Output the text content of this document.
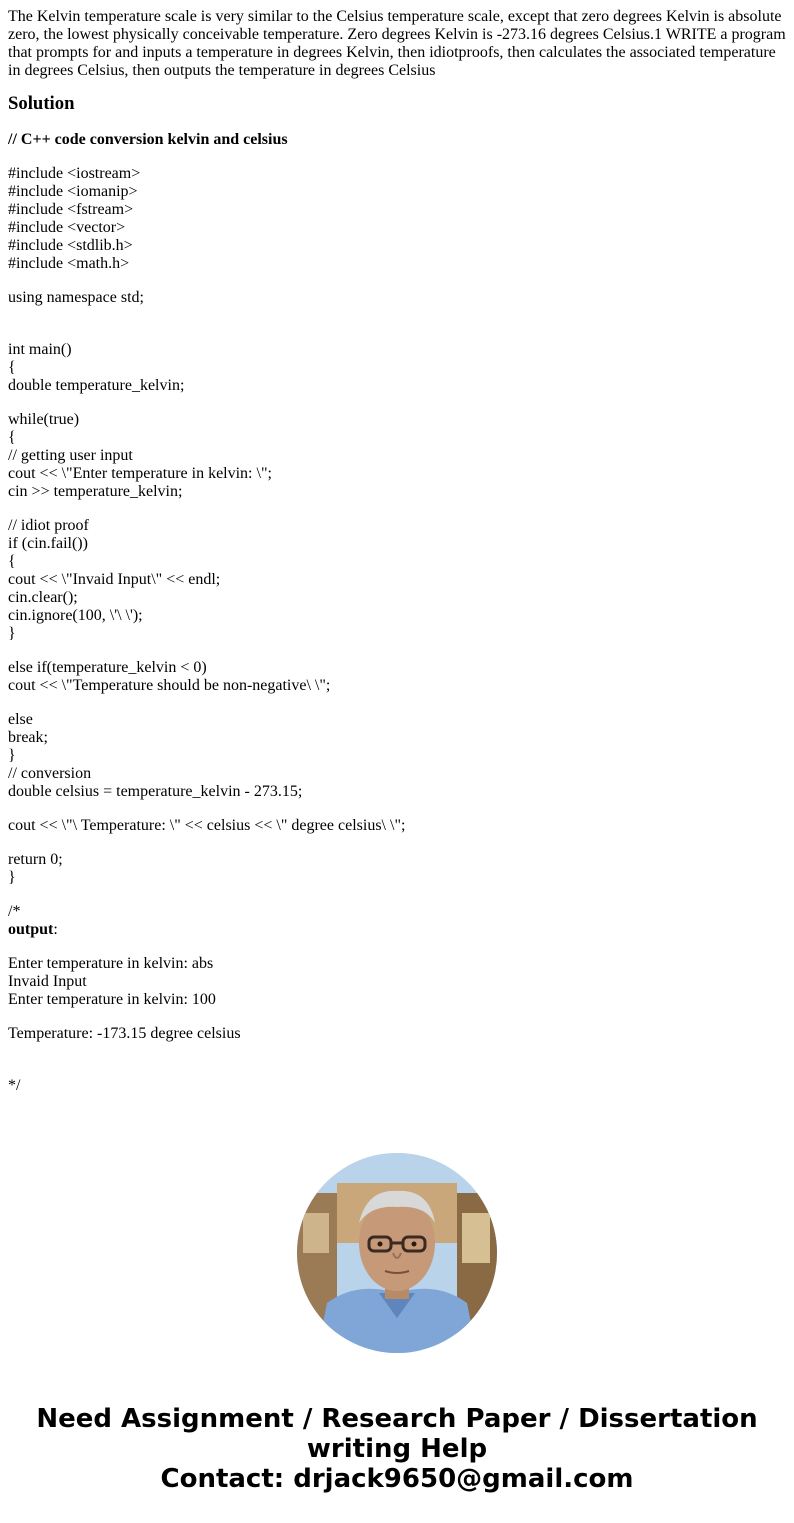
The Kelvin temperature scale is very similar to the Celsius temperature scale, except that zero degrees Kelvin is absolute zero, the lowest physically conceivable temperature. Zero degrees Kelvin is -273.16 degrees Celsius.1 WRITE a program that prompts for and inputs a temperature in degrees Kelvin, then idiotproofs, then calculates the associated temperature in degrees Celsius, then outputs the temperature in degrees Celsius
Solution

// C++ code conversion kelvin and celsius

#include <iostream>
#include <iomanip>
#include <fstream>
#include <vector>
#include <stdlib.h>
#include <math.h>
using namespace std;
int main()
{
double temperature_kelvin;
while(true)
{
// getting user input
cout << \"Enter temperature in kelvin: \";
cin >> temperature_kelvin;
// idiot proof
if (cin.fail())
{
cout << \"Invaid Input\" << endl;
cin.clear();
cin.ignore(100, \'\ \');
}
else if(temperature_kelvin < 0)
cout << \"Temperature should be non-negative\ \";
else
break;
}
// conversion
double celsius = temperature_kelvin - 273.15;
cout << \"\ Temperature: \" << celsius << \" degree celsius\ \";
return 0;
}
/*
output:
Enter temperature in kelvin: abs
Invaid Input
Enter temperature in kelvin: 100
Temperature: -173.15 degree celsius
*/
Need Assignment / Research Paper / Dissertation
writing Help
Contact: drjack9650@gmail.com
